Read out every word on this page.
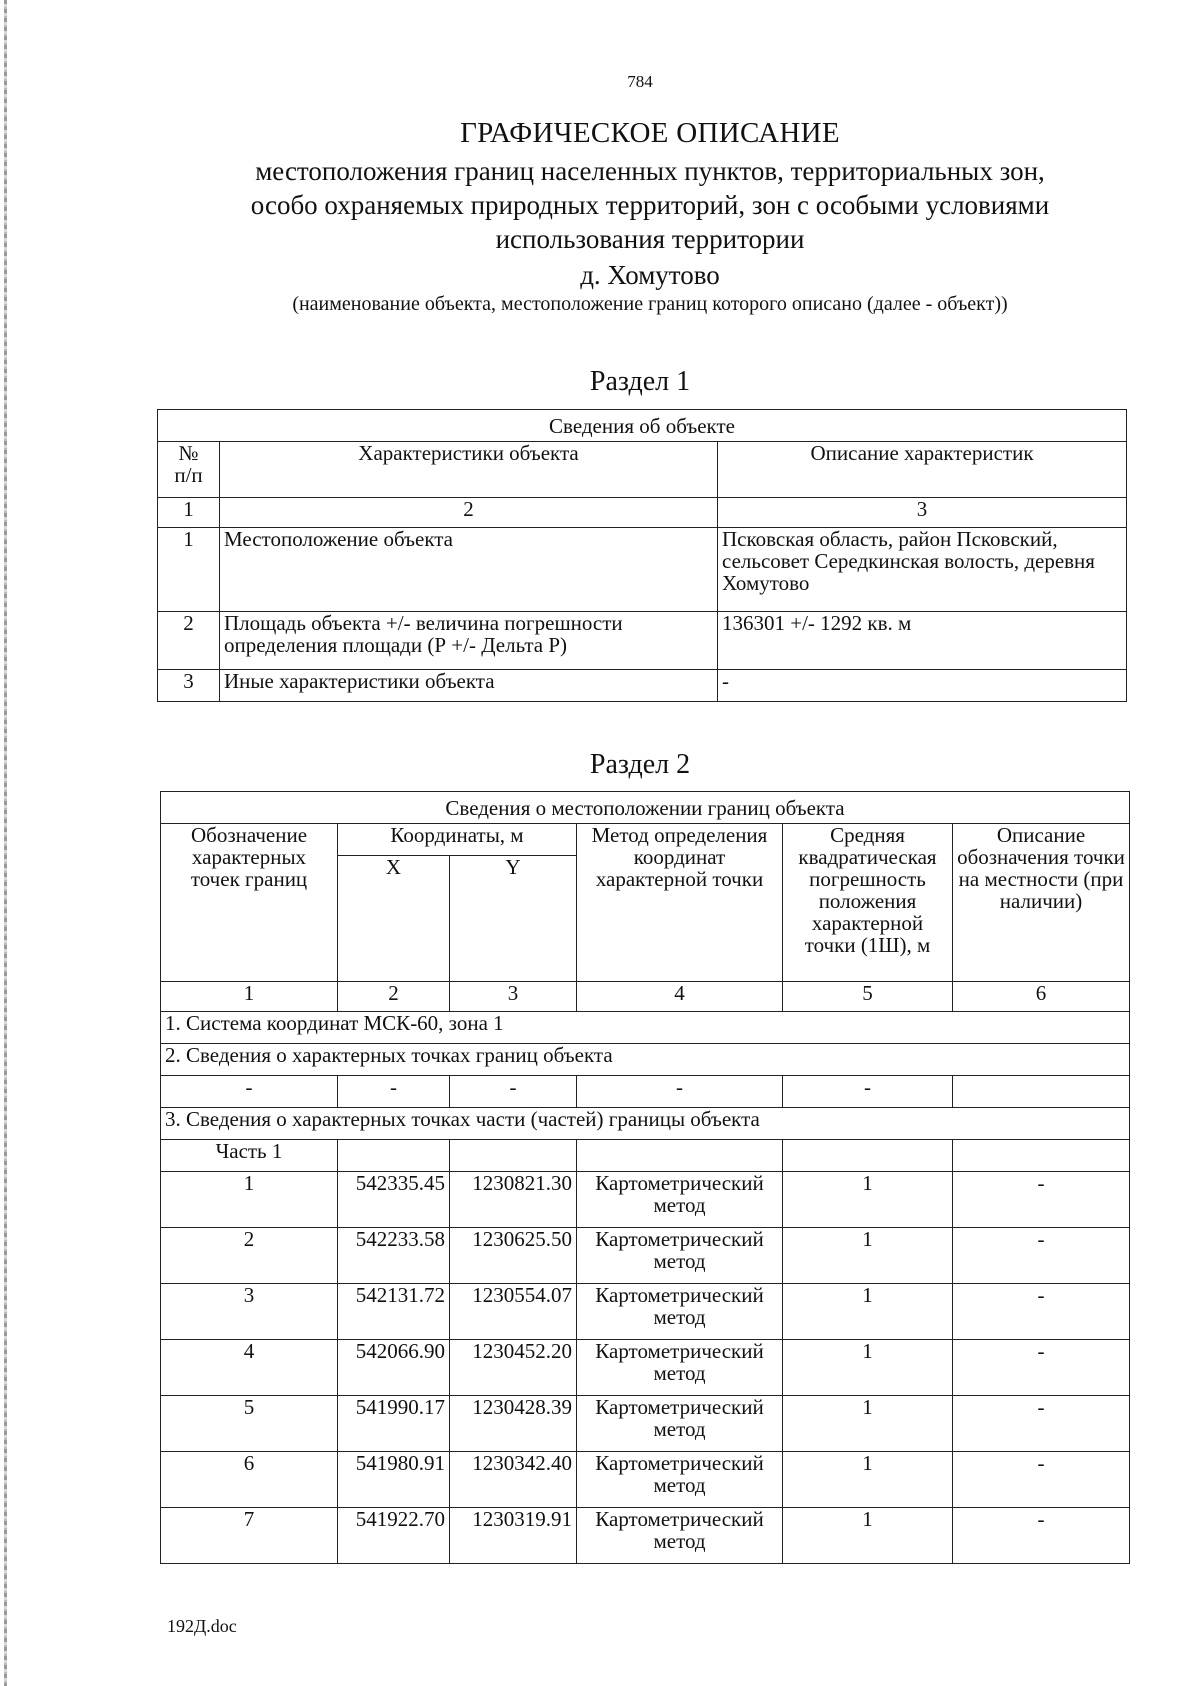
784
ГРАФИЧЕСКОЕ ОПИСАНИЕ
местоположения границ населенных пунктов, территориальных зон,
особо охраняемых природных территорий, зон с особыми условиями
использования территории
д. Хомутово
(наименование объекта, местоположение границ которого описано (далее - объект))
Раздел 1
Сведения об объекте		
№
п/п	Характеристики объекта	Описание характеристик
1	2	3
1	Местоположение объекта	Псковская область, район Псковский, сельсовет Середкинская волость, деревня Хомутово
2	Площадь объекта +/- величина погрешности определения площади (Р +/- Дельта Р)	136301 +/- 1292 кв. м
3	Иные характеристики объекта	-
Раздел 2
Сведения о местоположении границ объекта					
Обозначение характерных точек границ	Координаты, м		Метод определения координат характерной точки	Средняя квадратическая погрешность положения характерной точки (1Ш), м	Описание обозначения точки на местности (при наличии)
	X	Y			
1	2	3	4	5	6
1. Система координат МСК-60, зона 1					
2. Сведения о характерных точках границ объекта					
-	-	-	-	-	
3. Сведения о характерных точках части (частей) границы объекта					
Часть 1					
1	542335.45	1230821.30	Картометрический метод	1	-
2	542233.58	1230625.50	Картометрический метод	1	-
3	542131.72	1230554.07	Картометрический метод	1	-
4	542066.90	1230452.20	Картометрический метод	1	-
5	541990.17	1230428.39	Картометрический метод	1	-
6	541980.91	1230342.40	Картометрический метод	1	-
7	541922.70	1230319.91	Картометрический метод	1	-
192Д.doc
